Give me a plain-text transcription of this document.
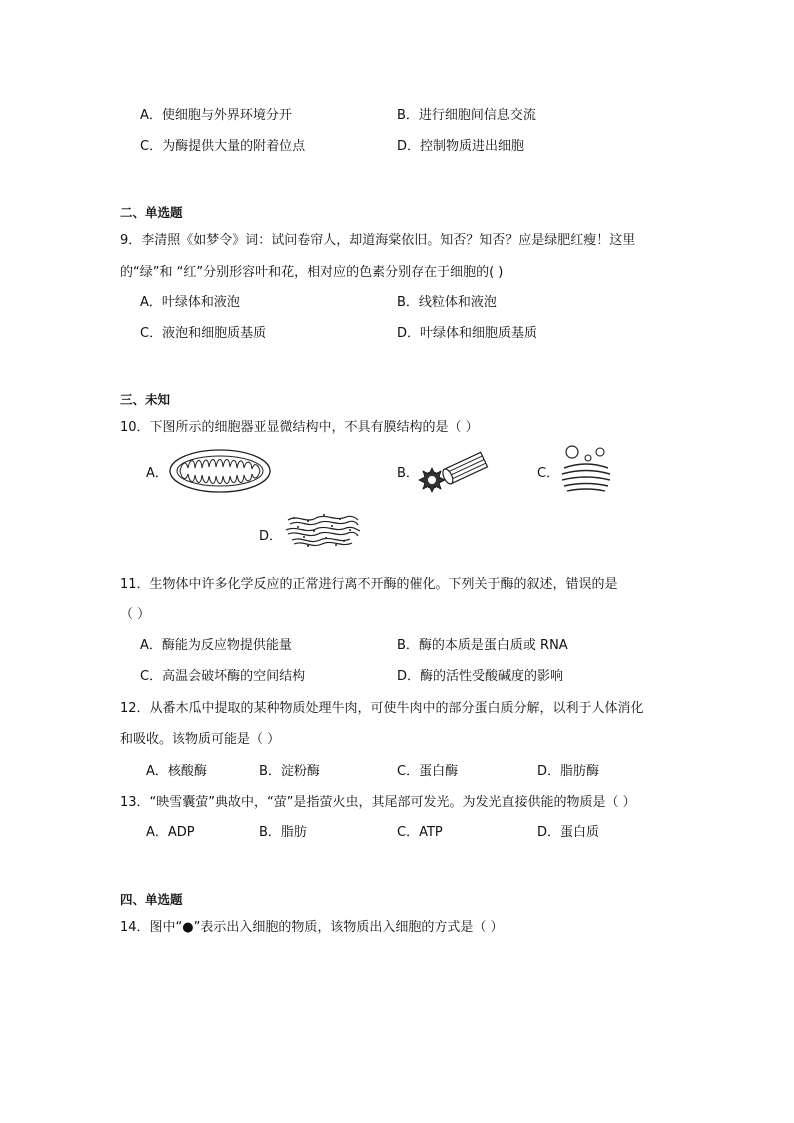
A．使细胞与外界环境分开	B．进行细胞间信息交流
C．为酶提供大量的附着位点	D．控制物质进出细胞
二、单选题
9．李清照《如梦令》词：试问卷帘人，却道海棠依旧。知否？知否？应是绿肥红瘦！这里
的“绿”和 “红”分别形容叶和花，相对应的色素分别存在于细胞的( )
A．叶绿体和液泡	B．线粒体和液泡
C．液泡和细胞质基质	D．叶绿体和细胞质基质
三、未知
10．下图所示的细胞器亚显微结构中，不具有膜结构的是（ ）
A．	B．	C．
D．
11．生物体中许多化学反应的正常进行离不开酶的催化。下列关于酶的叙述，错误的是
（ ）
A．酶能为反应物提供能量	B．酶的本质是蛋白质或 RNA
C．高温会破坏酶的空间结构	D．酶的活性受酸碱度的影响
12．从番木瓜中提取的某种物质处理牛肉，可使牛肉中的部分蛋白质分解，以利于人体消化
和吸收。该物质可能是（ ）
A．核酸酶	B．淀粉酶	C．蛋白酶	D．脂肪酶
13．“映雪囊萤”典故中，“萤”是指萤火虫，其尾部可发光。为发光直接供能的物质是（ ）
A．ADP	B．脂肪	C．ATP	D．蛋白质
四、单选题
14．图中“●”表示出入细胞的物质，该物质出入细胞的方式是（ ）
